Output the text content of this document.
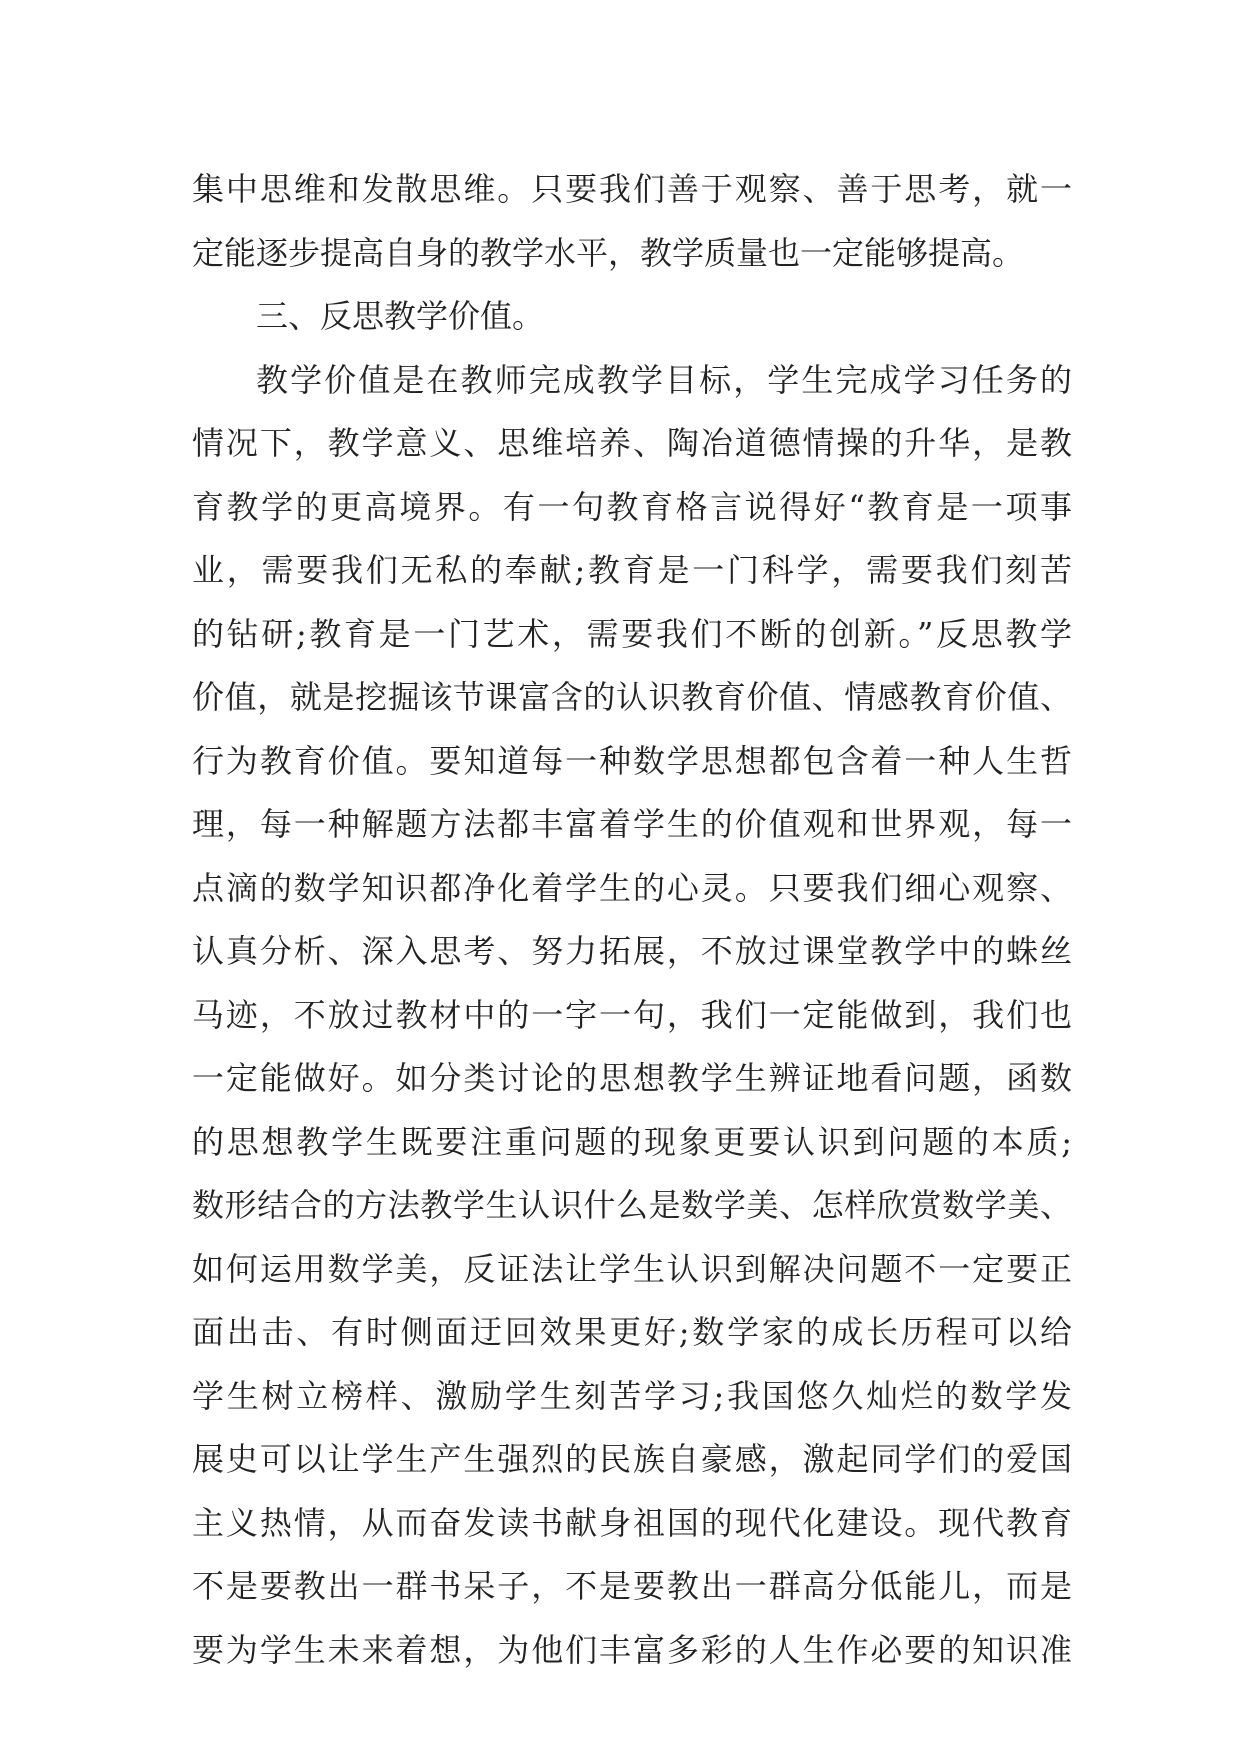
集中思维和发散思维。只要我们善于观察、善于思考，就一
定能逐步提高自身的教学水平，教学质量也一定能够提高。
三、反思教学价值。
教学价值是在教师完成教学目标，学生完成学习任务的
情况下，教学意义、思维培养、陶冶道德情操的升华，是教
育教学的更高境界。有一句教育格言说得好“教育是一项事
业，需要我们无私的奉献;教育是一门科学，需要我们刻苦
的钻研;教育是一门艺术，需要我们不断的创新。”反思教学
价值，就是挖掘该节课富含的认识教育价值、情感教育价值、
行为教育价值。要知道每一种数学思想都包含着一种人生哲
理，每一种解题方法都丰富着学生的价值观和世界观，每一
点滴的数学知识都净化着学生的心灵。只要我们细心观察、
认真分析、深入思考、努力拓展，不放过课堂教学中的蛛丝
马迹，不放过教材中的一字一句，我们一定能做到，我们也
一定能做好。如分类讨论的思想教学生辨证地看问题，函数
的思想教学生既要注重问题的现象更要认识到问题的本质;
数形结合的方法教学生认识什么是数学美、怎样欣赏数学美、
如何运用数学美，反证法让学生认识到解决问题不一定要正
面出击、有时侧面迂回效果更好;数学家的成长历程可以给
学生树立榜样、激励学生刻苦学习;我国悠久灿烂的数学发
展史可以让学生产生强烈的民族自豪感，激起同学们的爱国
主义热情，从而奋发读书献身祖国的现代化建设。现代教育
不是要教出一群书呆子，不是要教出一群高分低能儿，而是
要为学生未来着想，为他们丰富多彩的人生作必要的知识准
